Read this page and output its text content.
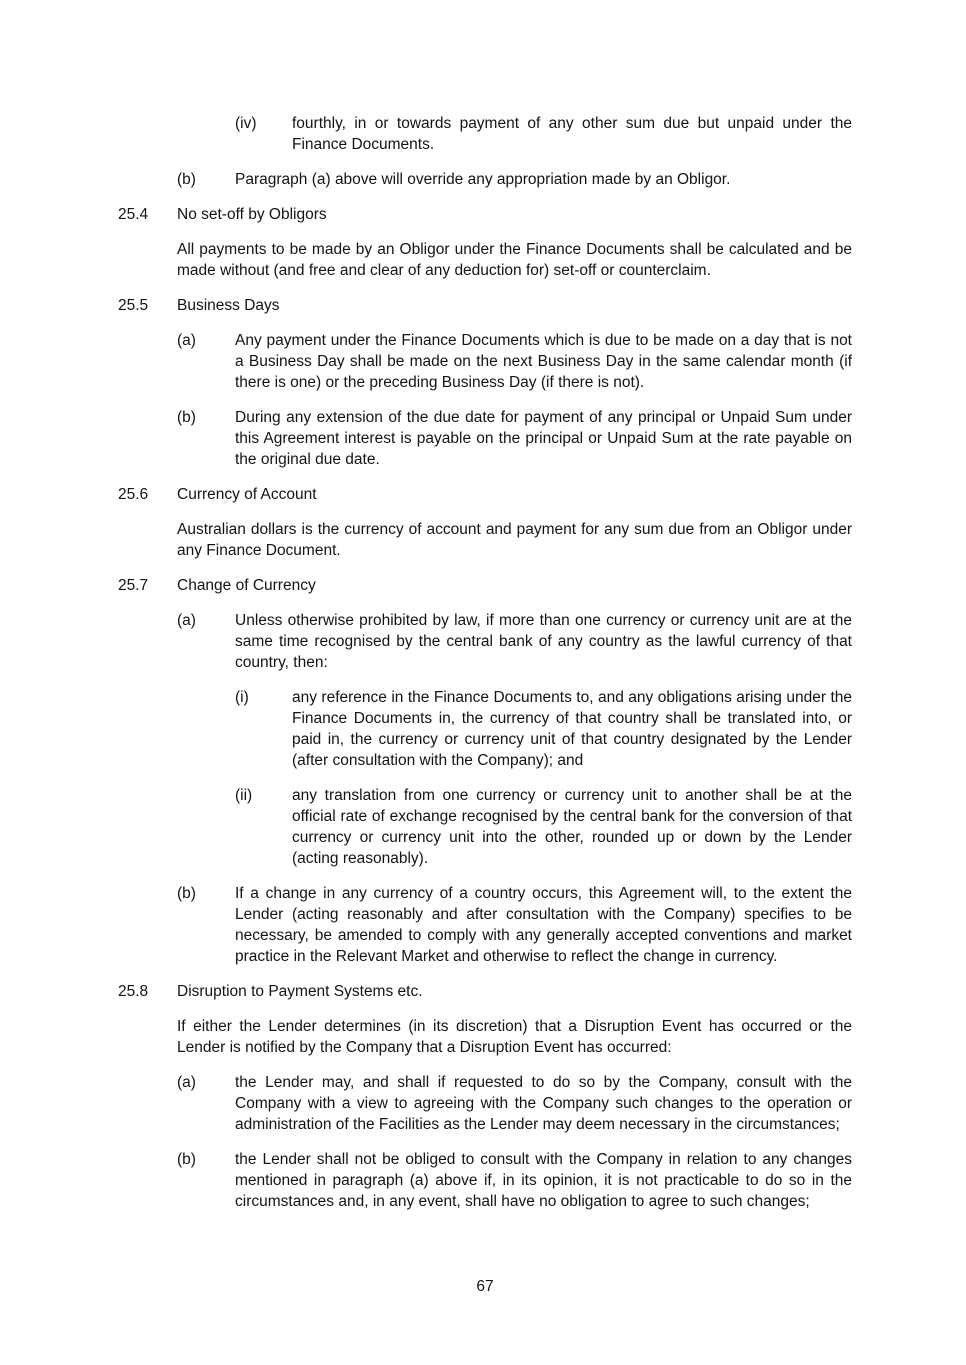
(iv)	fourthly, in or towards payment of any other sum due but unpaid under the Finance Documents.
(b)	Paragraph (a) above will override any appropriation made by an Obligor.
25.4	No set-off by Obligors
All payments to be made by an Obligor under the Finance Documents shall be calculated and be made without (and free and clear of any deduction for) set-off or counterclaim.
25.5	Business Days
(a)	Any payment under the Finance Documents which is due to be made on a day that is not a Business Day shall be made on the next Business Day in the same calendar month (if there is one) or the preceding Business Day (if there is not).
(b)	During any extension of the due date for payment of any principal or Unpaid Sum under this Agreement interest is payable on the principal or Unpaid Sum at the rate payable on the original due date.
25.6	Currency of Account
Australian dollars is the currency of account and payment for any sum due from an Obligor under any Finance Document.
25.7	Change of Currency
(a)	Unless otherwise prohibited by law, if more than one currency or currency unit are at the same time recognised by the central bank of any country as the lawful currency of that country, then:
(i)	any reference in the Finance Documents to, and any obligations arising under the Finance Documents in, the currency of that country shall be translated into, or paid in, the currency or currency unit of that country designated by the Lender (after consultation with the Company); and
(ii)	any translation from one currency or currency unit to another shall be at the official rate of exchange recognised by the central bank for the conversion of that currency or currency unit into the other, rounded up or down by the Lender (acting reasonably).
(b)	If a change in any currency of a country occurs, this Agreement will, to the extent the Lender (acting reasonably and after consultation with the Company) specifies to be necessary, be amended to comply with any generally accepted conventions and market practice in the Relevant Market and otherwise to reflect the change in currency.
25.8	Disruption to Payment Systems etc.
If either the Lender determines (in its discretion) that a Disruption Event has occurred or the Lender is notified by the Company that a Disruption Event has occurred:
(a)	the Lender may, and shall if requested to do so by the Company, consult with the Company with a view to agreeing with the Company such changes to the operation or administration of the Facilities as the Lender may deem necessary in the circumstances;
(b)	the Lender shall not be obliged to consult with the Company in relation to any changes mentioned in paragraph (a) above if, in its opinion, it is not practicable to do so in the circumstances and, in any event, shall have no obligation to agree to such changes;
67
